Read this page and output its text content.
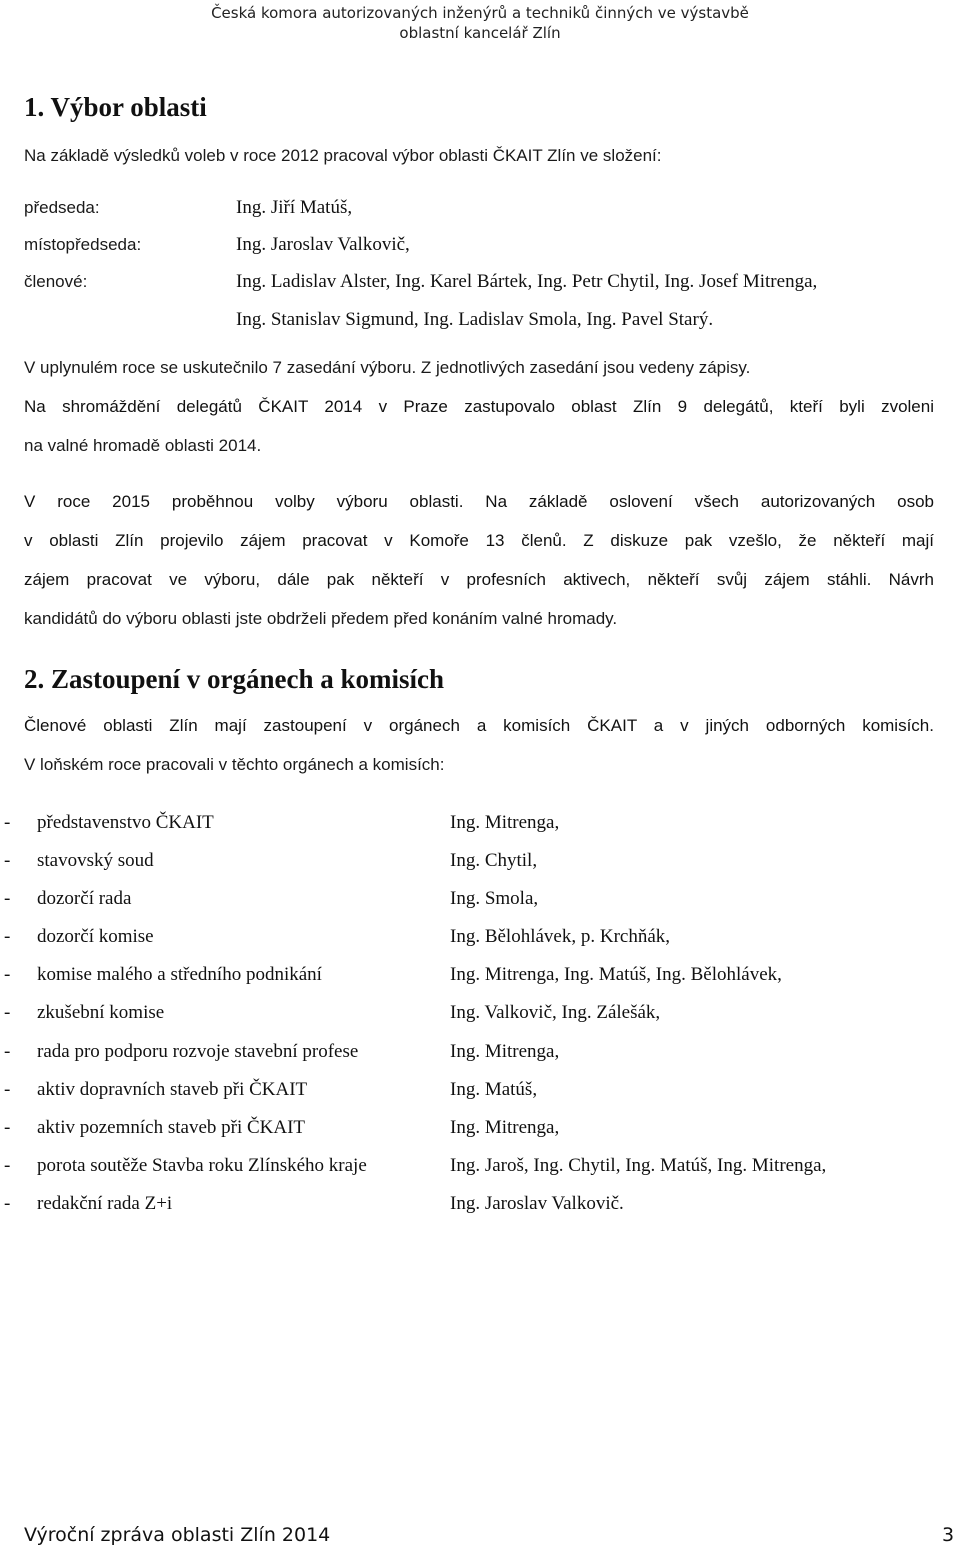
Česká komora autorizovaných inženýrů a techniků činných ve výstavbě
oblastní kancelář Zlín
1. Výbor oblasti
Na základě výsledků voleb v roce 2012 pracoval výbor oblasti ČKAIT Zlín ve složení:
předseda:	Ing. Jiří Matúš,
místopředseda:	Ing. Jaroslav Valkovič,
členové:	Ing. Ladislav Alster, Ing. Karel Bártek, Ing. Petr Chytil, Ing. Josef Mitrenga,
Ing. Stanislav Sigmund, Ing. Ladislav Smola, Ing. Pavel Starý.
V uplynulém roce se uskutečnilo 7 zasedání výboru. Z jednotlivých zasedání jsou vedeny zápisy.
Na shromáždění delegátů ČKAIT 2014 v Praze zastupovalo oblast Zlín 9 delegátů, kteří byli zvoleni
na valné hromadě oblasti 2014.
V roce 2015 proběhnou volby výboru oblasti. Na základě oslovení všech autorizovaných osob
v oblasti Zlín projevilo zájem pracovat v Komoře 13 členů. Z diskuze pak vzešlo, že někteří mají
zájem pracovat ve výboru, dále pak někteří v profesních aktivech, někteří svůj zájem stáhli. Návrh
kandidátů do výboru oblasti jste obdrželi předem před konáním valné hromady.
2. Zastoupení v orgánech a komisích
Členové oblasti Zlín mají zastoupení v orgánech a komisích ČKAIT a v jiných odborných komisích.
V loňském roce pracovali v těchto orgánech a komisích:
- představenstvo ČKAIT	Ing. Mitrenga,
- stavovský soud	Ing. Chytil,
- dozorčí rada	Ing. Smola,
- dozorčí komise	Ing. Bělohlávek, p. Krchňák,
- komise malého a středního podnikání	Ing. Mitrenga, Ing. Matúš, Ing. Bělohlávek,
- zkušební komise	Ing. Valkovič, Ing. Zálešák,
- rada pro podporu rozvoje stavební profese	Ing. Mitrenga,
- aktiv dopravních staveb při ČKAIT	Ing. Matúš,
- aktiv pozemních staveb při ČKAIT	Ing. Mitrenga,
- porota soutěže Stavba roku Zlínského kraje	Ing. Jaroš, Ing. Chytil, Ing. Matúš, Ing. Mitrenga,
- redakční rada Z+i	Ing. Jaroslav Valkovič.
Výroční zpráva oblasti Zlín 2014	3
